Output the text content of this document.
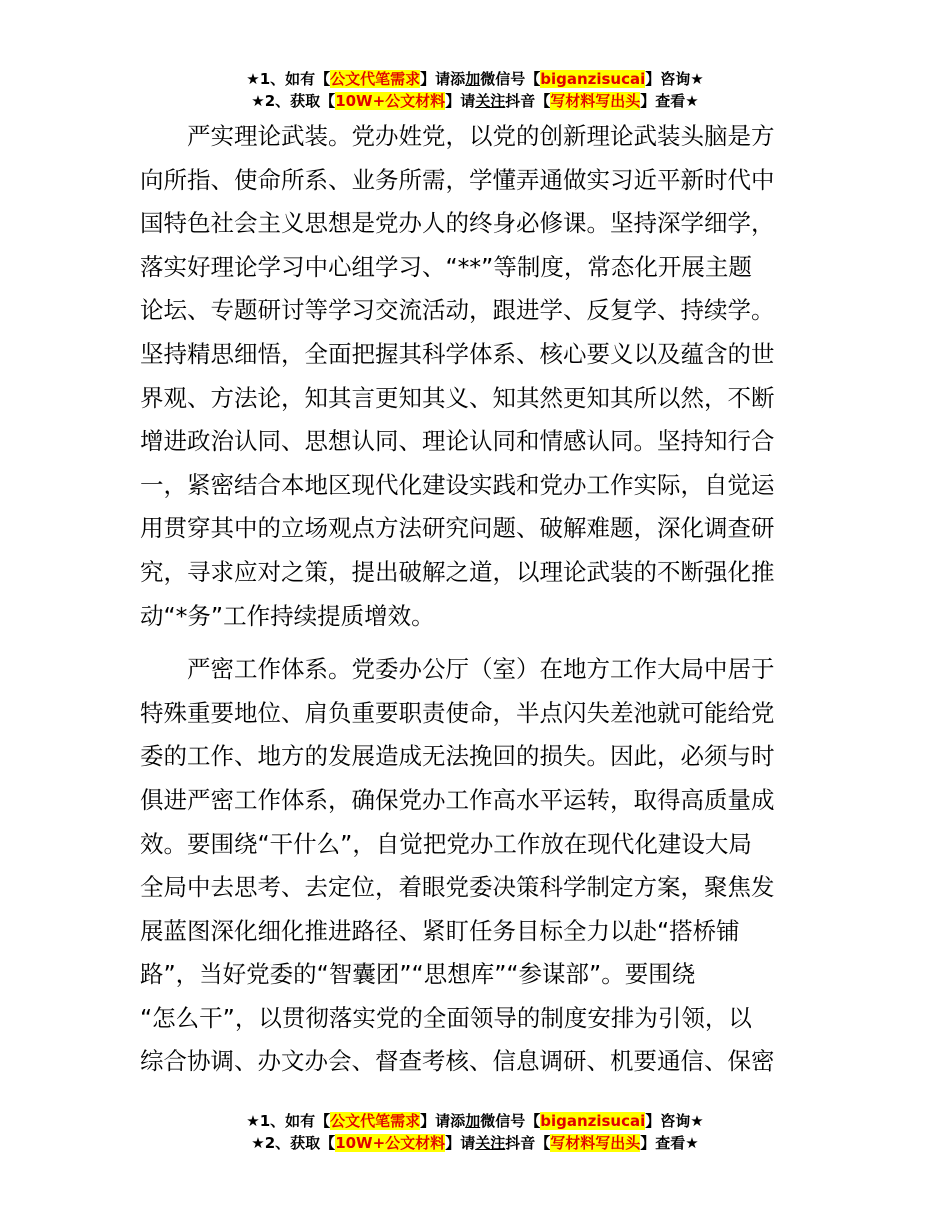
★1、如有【公文代笔需求】请添加微信号【biganzisucai】咨询★
★2、获取【10W+公文材料】请关注抖音【写材料写出头】查看★
　　严实理论武装。党办姓党，以党的创新理论武装头脑是方
向所指、使命所系、业务所需，学懂弄通做实习近平新时代中
国特色社会主义思想是党办人的终身必修课。坚持深学细学，
落实好理论学习中心组学习、“**”等制度，常态化开展主题
论坛、专题研讨等学习交流活动，跟进学、反复学、持续学。
坚持精思细悟，全面把握其科学体系、核心要义以及蕴含的世
界观、方法论，知其言更知其义、知其然更知其所以然，不断
增进政治认同、思想认同、理论认同和情感认同。坚持知行合
一，紧密结合本地区现代化建设实践和党办工作实际，自觉运
用贯穿其中的立场观点方法研究问题、破解难题，深化调查研
究，寻求应对之策，提出破解之道，以理论武装的不断强化推
动“*务”工作持续提质增效。
　　严密工作体系。党委办公厅（室）在地方工作大局中居于
特殊重要地位、肩负重要职责使命，半点闪失差池就可能给党
委的工作、地方的发展造成无法挽回的损失。因此，必须与时
俱进严密工作体系，确保党办工作高水平运转，取得高质量成
效。要围绕“干什么”，自觉把党办工作放在现代化建设大局
全局中去思考、去定位，着眼党委决策科学制定方案，聚焦发
展蓝图深化细化推进路径、紧盯任务目标全力以赴“搭桥铺
路”，当好党委的“智囊团”“思想库”“参谋部”。要围绕
“怎么干”，以贯彻落实党的全面领导的制度安排为引领，以
综合协调、办文办会、督查考核、信息调研、机要通信、保密
★1、如有【公文代笔需求】请添加微信号【biganzisucai】咨询★
★2、获取【10W+公文材料】请关注抖音【写材料写出头】查看★
